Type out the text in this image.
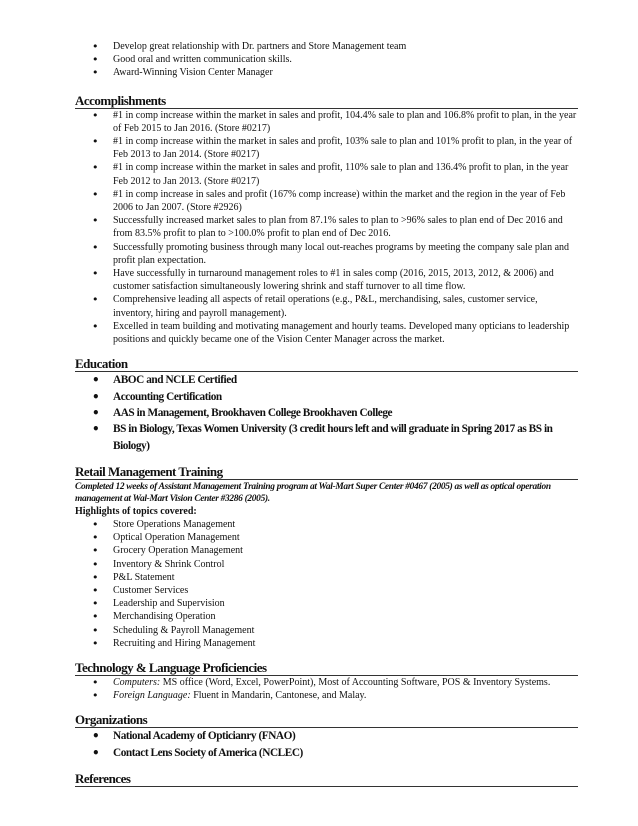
• Develop great relationship with Dr. partners and Store Management team
• Good oral and written communication skills.
• Award-Winning Vision Center Manager
Accomplishments
• #1 in comp increase within the market in sales and profit, 104.4% sale to plan and 106.8% profit to plan, in the year of Feb 2015 to Jan 2016. (Store #0217)
• #1 in comp increase within the market in sales and profit, 103% sale to plan and 101% profit to plan, in the year of Feb 2013 to Jan 2014. (Store #0217)
• #1 in comp increase within the market in sales and profit, 110% sale to plan and 136.4% profit to plan, in the year Feb 2012 to Jan 2013. (Store #0217)
• #1 in comp increase in sales and profit (167% comp increase) within the market and the region in the year of Feb 2006 to Jan 2007. (Store #2926)
• Successfully increased market sales to plan from 87.1% sales to plan to >96% sales to plan end of Dec 2016 and from 83.5% profit to plan to >100.0% profit to plan end of Dec 2016.
• Successfully promoting business through many local out-reaches programs by meeting the company sale plan and profit plan expectation.
• Have successfully in turnaround management roles to #1 in sales comp (2016, 2015, 2013, 2012, & 2006) and customer satisfaction simultaneously lowering shrink and staff turnover to all time flow.
• Comprehensive leading all aspects of retail operations (e.g., P&L, merchandising, sales, customer service, inventory, hiring and payroll management).
• Excelled in team building and motivating management and hourly teams. Developed many opticians to leadership positions and quickly became one of the Vision Center Manager across the market.
Education
• ABOC and NCLE Certified
• Accounting Certification
• AAS in Management, Brookhaven College Brookhaven College
• BS in Biology, Texas Women University (3 credit hours left and will graduate in Spring 2017 as BS in Biology)
Retail Management Training
Completed 12 weeks of Assistant Management Training program at Wal-Mart Super Center #0467 (2005) as well as optical operation management at Wal-Mart Vision Center #3286 (2005).
Highlights of topics covered:
• Store Operations Management
• Optical Operation Management
• Grocery Operation Management
• Inventory & Shrink Control
• P&L Statement
• Customer Services
• Leadership and Supervision
• Merchandising Operation
• Scheduling & Payroll Management
• Recruiting and Hiring Management
Technology & Language Proficiencies
• Computers: MS office (Word, Excel, PowerPoint), Most of Accounting Software, POS & Inventory Systems.
• Foreign Language: Fluent in Mandarin, Cantonese, and Malay.
Organizations
• National Academy of Opticianry (FNAO)
• Contact Lens Society of America (NCLEC)
References
